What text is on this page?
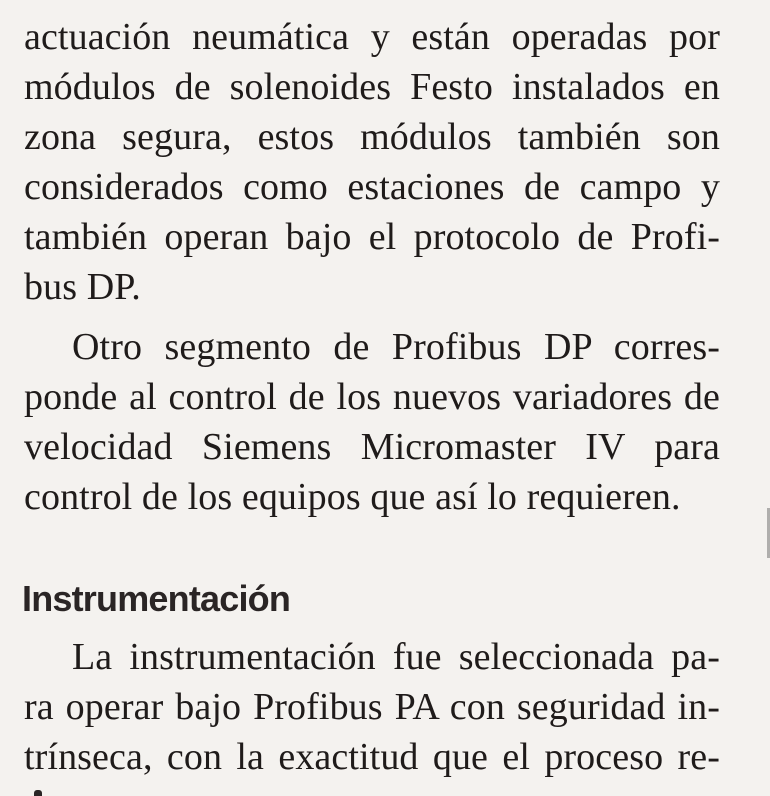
actuación neumática y están operadas por
módulos de solenoides Festo instalados en
zona segura, estos módulos también son
considerados como estaciones de campo y
también operan bajo el protocolo de Profi-
bus DP.
Otro segmento de Profibus DP corres-
ponde al control de los nuevos variadores de
velocidad Siemens Micromaster IV para
control de los equipos que así lo requieren.
Instrumentación
La instrumentación fue seleccionada pa-
ra operar bajo Profibus PA con seguridad in-
trínseca, con la exactitud que el proceso re-
